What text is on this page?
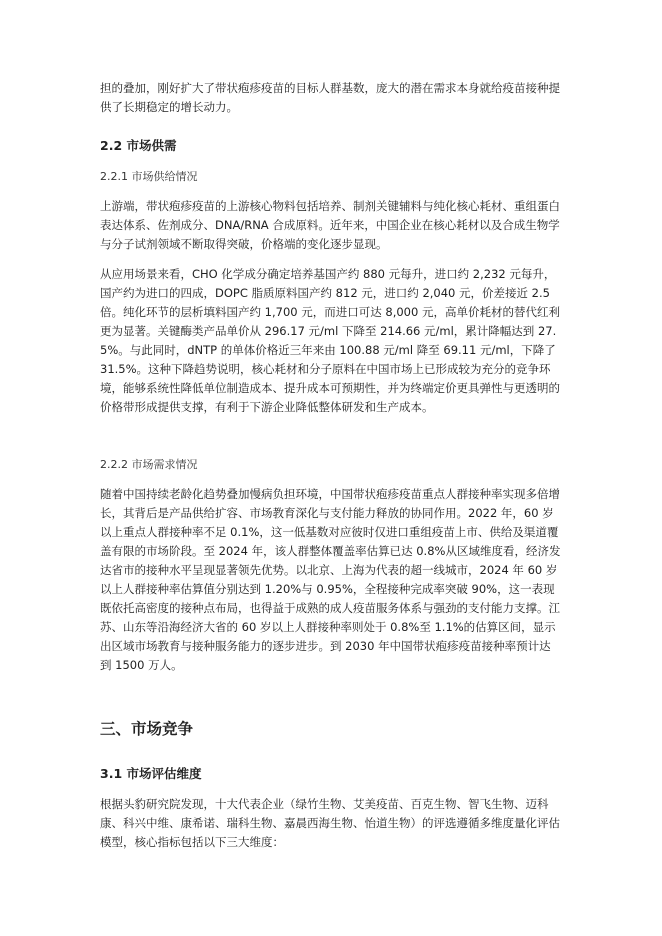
担的叠加，刚好扩大了带状疱疹疫苗的目标人群基数，庞大的潜在需求本身就给疫苗接种提供了长期稳定的增长动力。

2.2 市场供需
2.2.1 市场供给情况

上游端，带状疱疹疫苗的上游核心物料包括培养、制剂关键辅料与纯化核心耗材、重组蛋白表达体系、佐剂成分、DNA/RNA 合成原料。近年来，中国企业在核心耗材以及合成生物学与分子试剂领域不断取得突破，价格端的变化逐步显现。

从应用场景来看，CHO 化学成分确定培养基国产约 880 元每升，进口约 2,232 元每升，国产约为进口的四成，DOPC 脂质原料国产约 812 元，进口约 2,040 元，价差接近 2.5 倍。纯化环节的层析填料国产约 1,700 元，而进口可达 8,000 元，高单价耗材的替代红利更为显著。关键酶类产品单价从 296.17 元/ml 下降至 214.66 元/ml，累计降幅达到 27.5%。与此同时，dNTP 的单体价格近三年来由 100.88 元/ml 降至 69.11 元/ml，下降了 31.5%。这种下降趋势说明，核心耗材和分子原料在中国市场上已形成较为充分的竞争环境，能够系统性降低单位制造成本、提升成本可预期性，并为终端定价更具弹性与更透明的价格带形成提供支撑，有利于下游企业降低整体研发和生产成本。

2.2.2 市场需求情况

随着中国持续老龄化趋势叠加慢病负担环境，中国带状疱疹疫苗重点人群接种率实现多倍增长，其背后是产品供给扩容、市场教育深化与支付能力释放的协同作用。2022 年，60 岁以上重点人群接种率不足 0.1%，这一低基数对应彼时仅进口重组疫苗上市、供给及渠道覆盖有限的市场阶段。至 2024 年，该人群整体覆盖率估算已达 0.8%从区域维度看，经济发达省市的接种水平呈现显著领先优势。以北京、上海为代表的超一线城市，2024 年 60 岁以上人群接种率估算值分别达到 1.20%与 0.95%，全程接种完成率突破 90%，这一表现既依托高密度的接种点布局，也得益于成熟的成人疫苗服务体系与强劲的支付能力支撑。江苏、山东等沿海经济大省的 60 岁以上人群接种率则处于 0.8%至 1.1%的估算区间，显示出区域市场教育与接种服务能力的逐步进步。到 2030 年中国带状疱疹疫苗接种率预计达到 1500 万人。

三、市场竞争
3.1 市场评估维度

根据头豹研究院发现，十大代表企业（绿竹生物、艾美疫苗、百克生物、智飞生物、迈科康、科兴中维、康希诺、瑞科生物、嘉晨西海生物、怡道生物）的评选遵循多维度量化评估模型，核心指标包括以下三大维度：
